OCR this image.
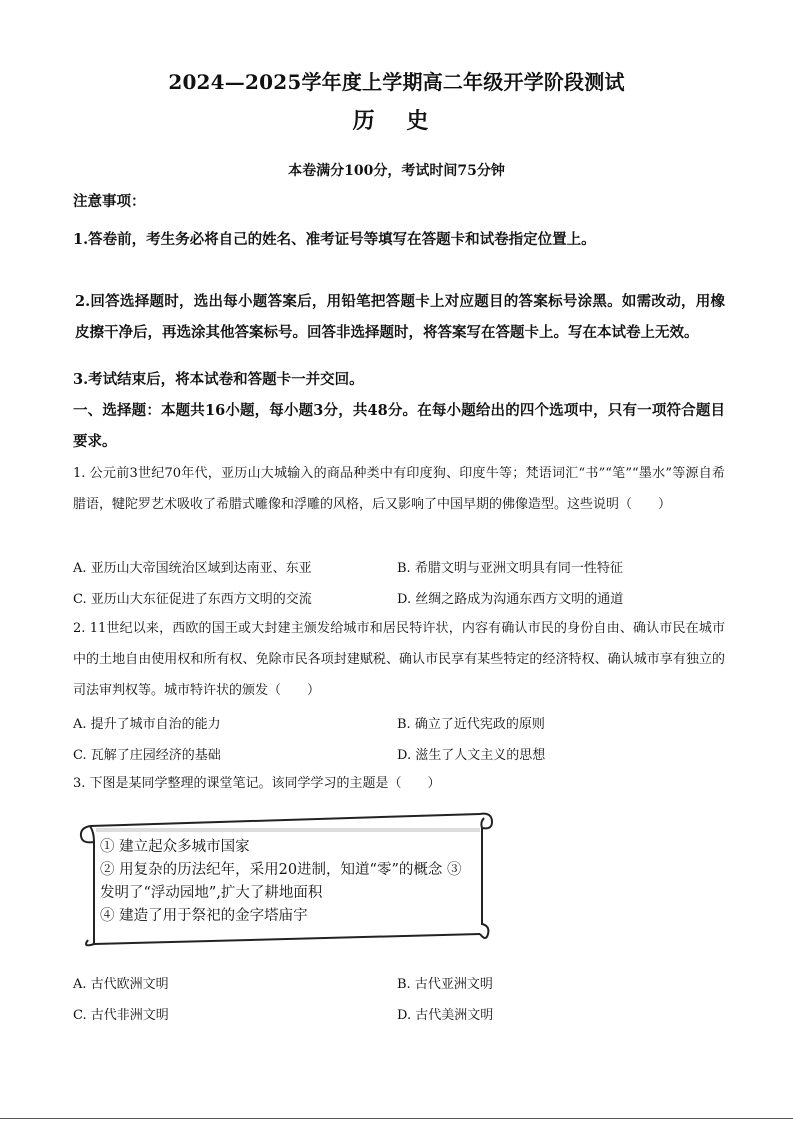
2024—2025学年度上学期高二年级开学阶段测试
历 史
本卷满分100分，考试时间75分钟
注意事项：
1.答卷前，考生务必将自己的姓名、准考证号等填写在答题卡和试卷指定位置上。
2.回答选择题时，选出每小题答案后，用铅笔把答题卡上对应题目的答案标号涂黑。如需改动，用橡皮擦干净后，再选涂其他答案标号。回答非选择题时，将答案写在答题卡上。写在本试卷上无效。
3.考试结束后，将本试卷和答题卡一并交回。
一、选择题：本题共16小题，每小题3分，共48分。在每小题给出的四个选项中，只有一项符合题目要求。
1. 公元前3世纪70年代，亚历山大城输入的商品种类中有印度狗、印度牛等；梵语词汇“书”“笔”“墨水”等源自希腊语，犍陀罗艺术吸收了希腊式雕像和浮雕的风格，后又影响了中国早期的佛像造型。这些说明（　　）
A. 亚历山大帝国统治区域到达南亚、东亚	B. 希腊文明与亚洲文明具有同一性特征
C. 亚历山大东征促进了东西方文明的交流	D. 丝绸之路成为沟通东西方文明的通道
2. 11世纪以来，西欧的国王或大封建主颁发给城市和居民特许状，内容有确认市民的身份自由、确认市民在城市中的土地自由使用权和所有权、免除市民各项封建赋税、确认市民享有某些特定的经济特权、确认城市享有独立的司法审判权等。城市特许状的颁发（　　）
A. 提升了城市自治的能力	B. 确立了近代宪政的原则
C. 瓦解了庄园经济的基础	D. 滋生了人文主义的思想
3. 下图是某同学整理的课堂笔记。该同学学习的主题是（　　）
① 建立起众多城市国家
② 用复杂的历法纪年，采用20进制，知道“零”的概念 ③
发明了“浮动园地”,扩大了耕地面积
④ 建造了用于祭祀的金字塔庙宇
A. 古代欧洲文明	B. 古代亚洲文明
C. 古代非洲文明	D. 古代美洲文明
